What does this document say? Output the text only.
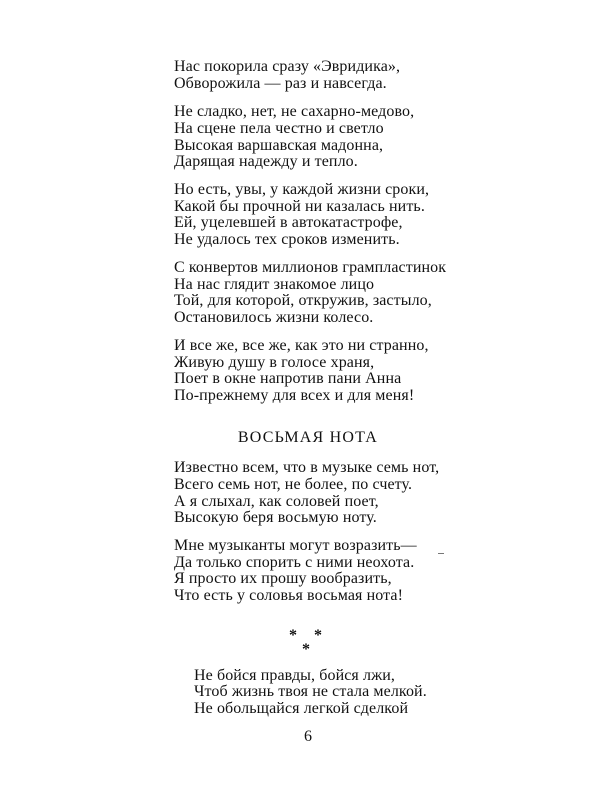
Нас покорила сразу «Эвридика»,
Обворожила — раз и навсегда.
Не сладко, нет, не сахарно-медово,
На сцене пела честно и светло
Высокая варшавская мадонна,
Дарящая надежду и тепло.
Но есть, увы, у каждой жизни сроки,
Какой бы прочной ни казалась нить.
Ей, уцелевшей в автокатастрофе,
Не удалось тех сроков изменить.
С конвертов миллионов грампластинок
На нас глядит знакомое лицо
Той, для которой, откружив, застыло,
Остановилось жизни колесо.
И все же, все же, как это ни странно,
Живую душу в голосе храня,
Поет в окне напротив пани Анна
По-прежнему для всех и для меня!
ВОСЬМАЯ НОТА
Известно всем, что в музыке семь нот,
Всего семь нот, не более, по счету.
А я слыхал, как соловей поет,
Высокую беря восьмую ноту.
Мне музыканты могут возразить—
Да только спорить с ними неохота.
Я просто их прошу вообразить,
Что есть у соловья восьмая нота!
* *
*
Не бойся правды, бойся лжи,
Чтоб жизнь твоя не стала мелкой.
Не обольщайся легкой сделкой
6
